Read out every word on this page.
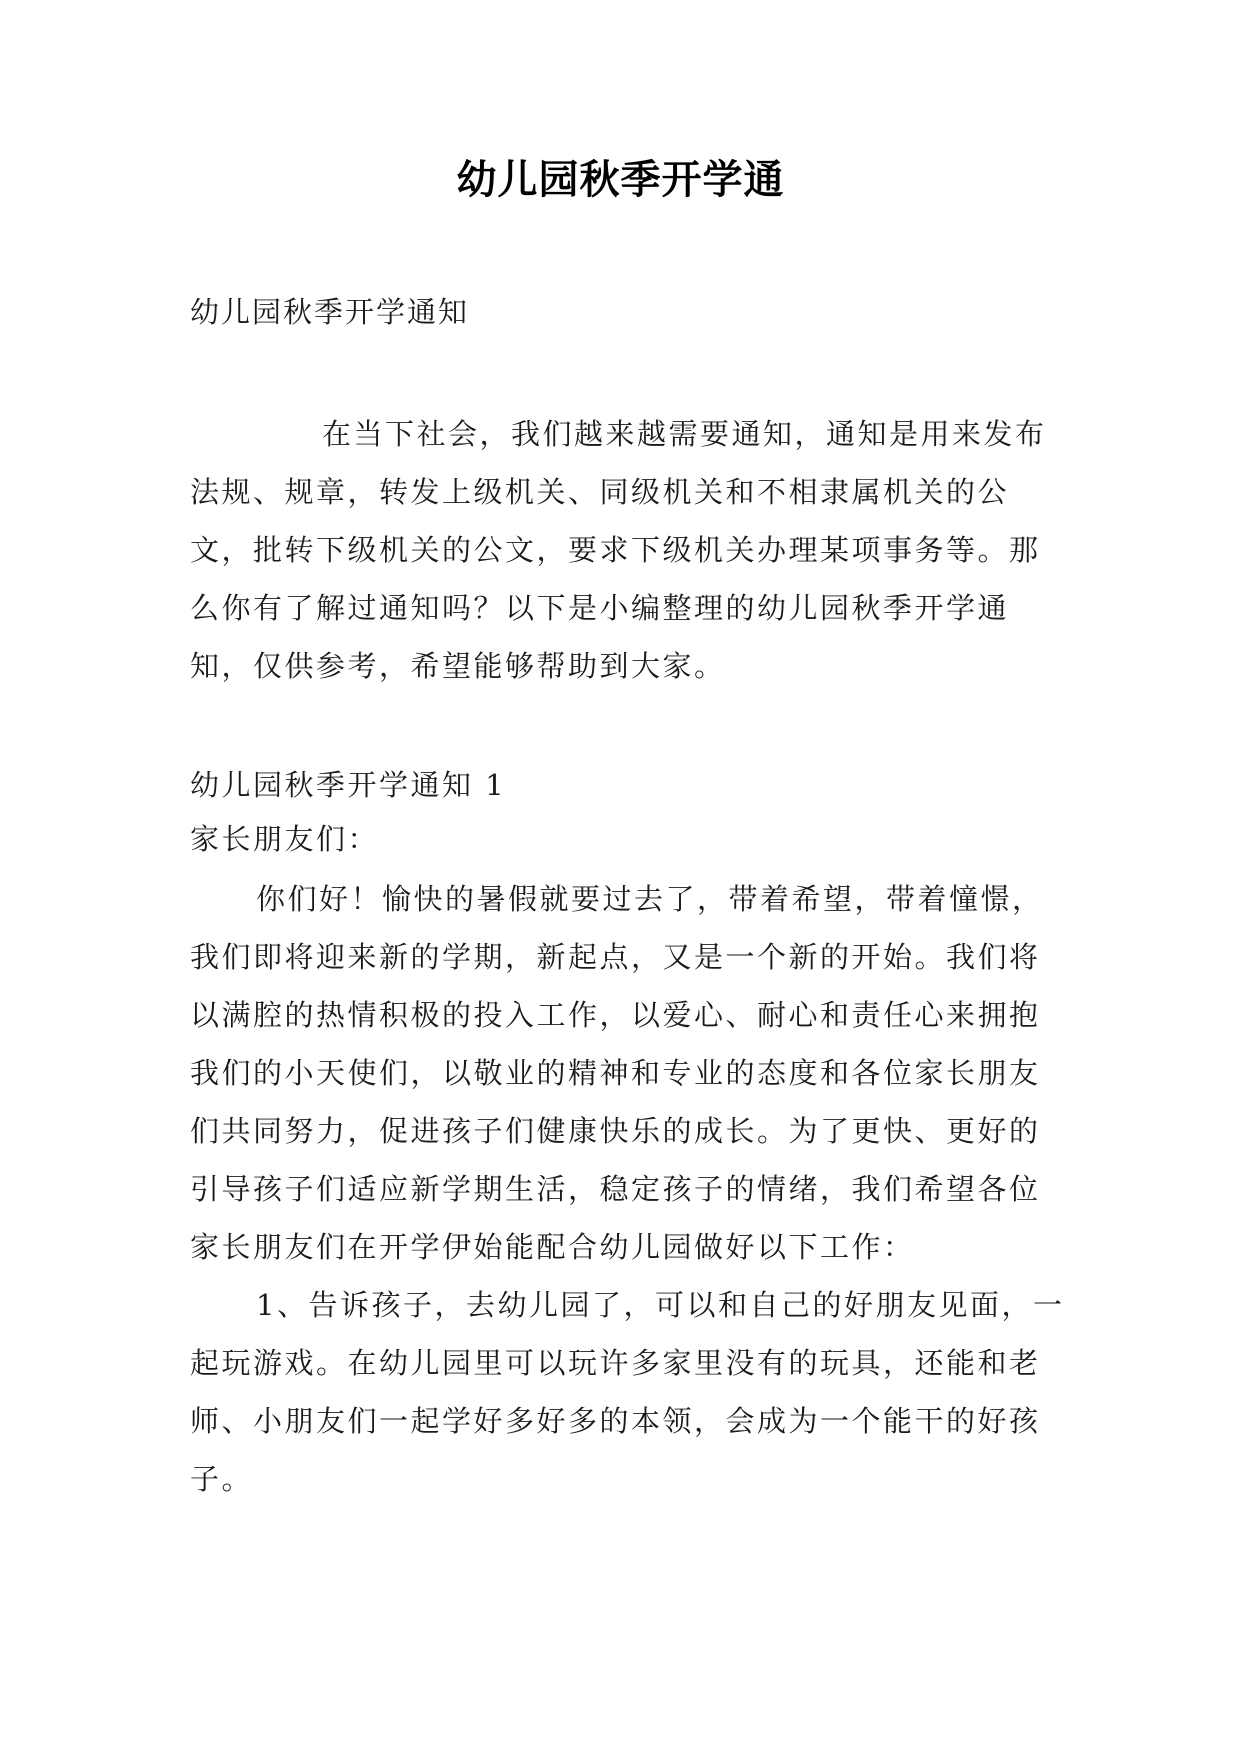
幼儿园秋季开学通
幼儿园秋季开学通知

在当下社会，我们越来越需要通知，通知是用来发布法规、规章，转发上级机关、同级机关和不相隶属机关的公文，批转下级机关的公文，要求下级机关办理某项事务等。那么你有了解过通知吗？以下是小编整理的幼儿园秋季开学通知，仅供参考，希望能够帮助到大家。

幼儿园秋季开学通知 1

家长朋友们：

你们好！愉快的暑假就要过去了，带着希望，带着憧憬，我们即将迎来新的学期，新起点，又是一个新的开始。我们将以满腔的热情积极的投入工作，以爱心、耐心和责任心来拥抱我们的小天使们，以敬业的精神和专业的态度和各位家长朋友们共同努力，促进孩子们健康快乐的成长。为了更快、更好的引导孩子们适应新学期生活，稳定孩子的情绪，我们希望各位家长朋友们在开学伊始能配合幼儿园做好以下工作：

1、告诉孩子，去幼儿园了，可以和自己的好朋友见面，一起玩游戏。在幼儿园里可以玩许多家里没有的玩具，还能和老师、小朋友们一起学好多好多的本领，会成为一个能干的好孩子。
